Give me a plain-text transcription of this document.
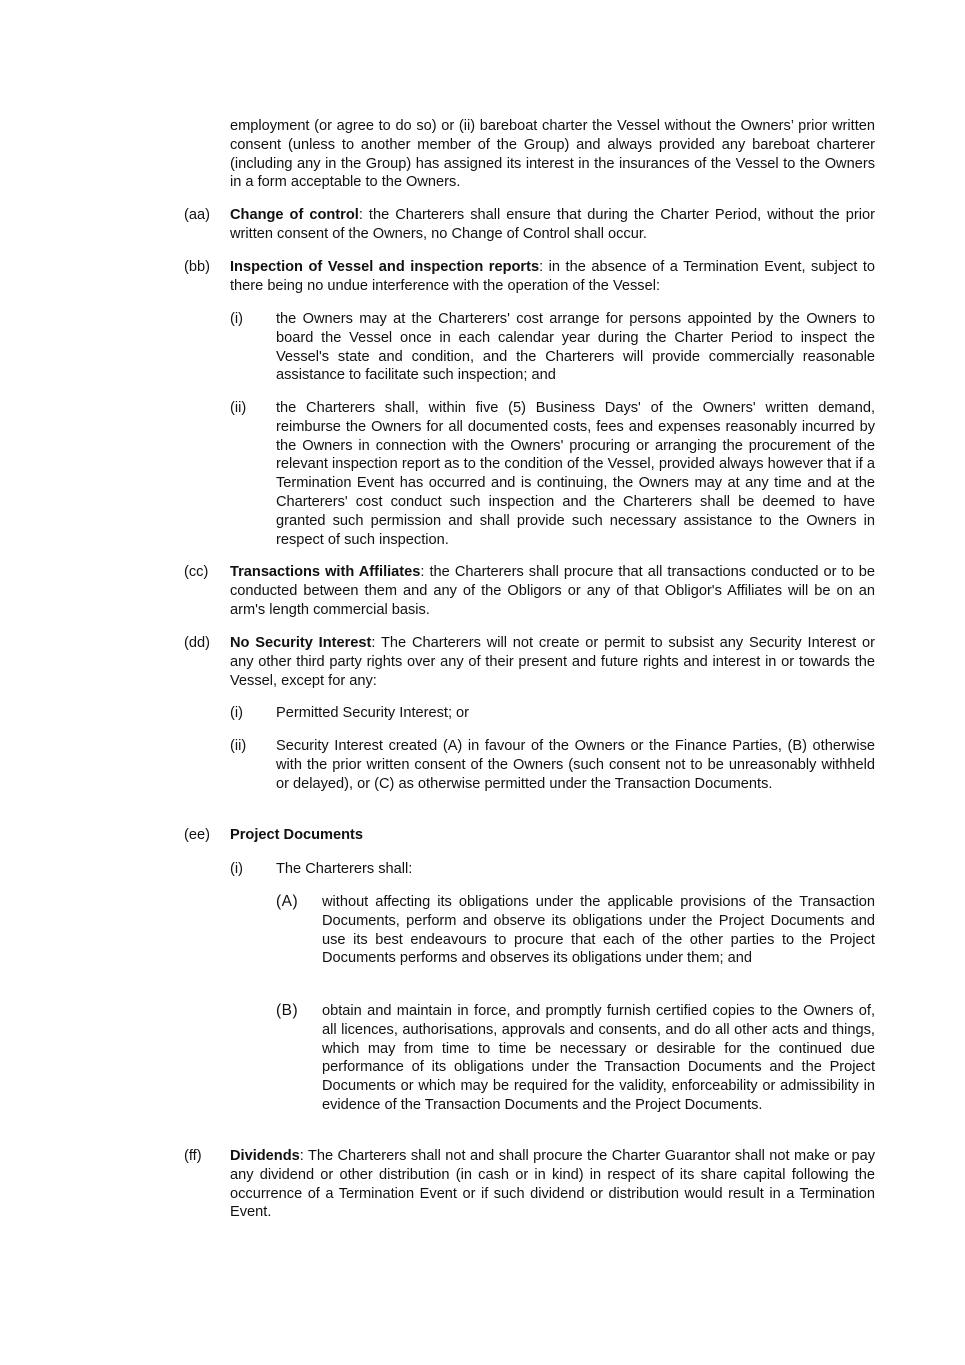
employment (or agree to do so) or (ii) bareboat charter the Vessel without the Owners’ prior written consent (unless to another member of the Group) and always provided any bareboat charterer (including any in the Group) has assigned its interest in the insurances of the Vessel to the Owners in a form acceptable to the Owners.

(aa) Change of control: the Charterers shall ensure that during the Charter Period, without the prior written consent of the Owners, no Change of Control shall occur.

(bb) Inspection of Vessel and inspection reports: in the absence of a Termination Event, subject to there being no undue interference with the operation of the Vessel:

(i) the Owners may at the Charterers' cost arrange for persons appointed by the Owners to board the Vessel once in each calendar year during the Charter Period to inspect the Vessel's state and condition, and the Charterers will provide commercially reasonable assistance to facilitate such inspection; and

(ii) the Charterers shall, within five (5) Business Days' of the Owners' written demand, reimburse the Owners for all documented costs, fees and expenses reasonably incurred by the Owners in connection with the Owners' procuring or arranging the procurement of the relevant inspection report as to the condition of the Vessel, provided always however that if a Termination Event has occurred and is continuing, the Owners may at any time and at the Charterers' cost conduct such inspection and the Charterers shall be deemed to have granted such permission and shall provide such necessary assistance to the Owners in respect of such inspection.

(cc) Transactions with Affiliates: the Charterers shall procure that all transactions conducted or to be conducted between them and any of the Obligors or any of that Obligor's Affiliates will be on an arm's length commercial basis.

(dd) No Security Interest: The Charterers will not create or permit to subsist any Security Interest or any other third party rights over any of their present and future rights and interest in or towards the Vessel, except for any:

(i) Permitted Security Interest; or

(ii) Security Interest created (A) in favour of the Owners or the Finance Parties, (B) otherwise with the prior written consent of the Owners (such consent not to be unreasonably withheld or delayed), or (C) as otherwise permitted under the Transaction Documents.

(ee) Project Documents

(i) The Charterers shall:

(A) without affecting its obligations under the applicable provisions of the Transaction Documents, perform and observe its obligations under the Project Documents and use its best endeavours to procure that each of the other parties to the Project Documents performs and observes its obligations under them; and

(B) obtain and maintain in force, and promptly furnish certified copies to the Owners of, all licences, authorisations, approvals and consents, and do all other acts and things, which may from time to time be necessary or desirable for the continued due performance of its obligations under the Transaction Documents and the Project Documents or which may be required for the validity, enforceability or admissibility in evidence of the Transaction Documents and the Project Documents.

(ff) Dividends: The Charterers shall not and shall procure the Charter Guarantor shall not make or pay any dividend or other distribution (in cash or in kind) in respect of its share capital following the occurrence of a Termination Event or if such dividend or distribution would result in a Termination Event.
